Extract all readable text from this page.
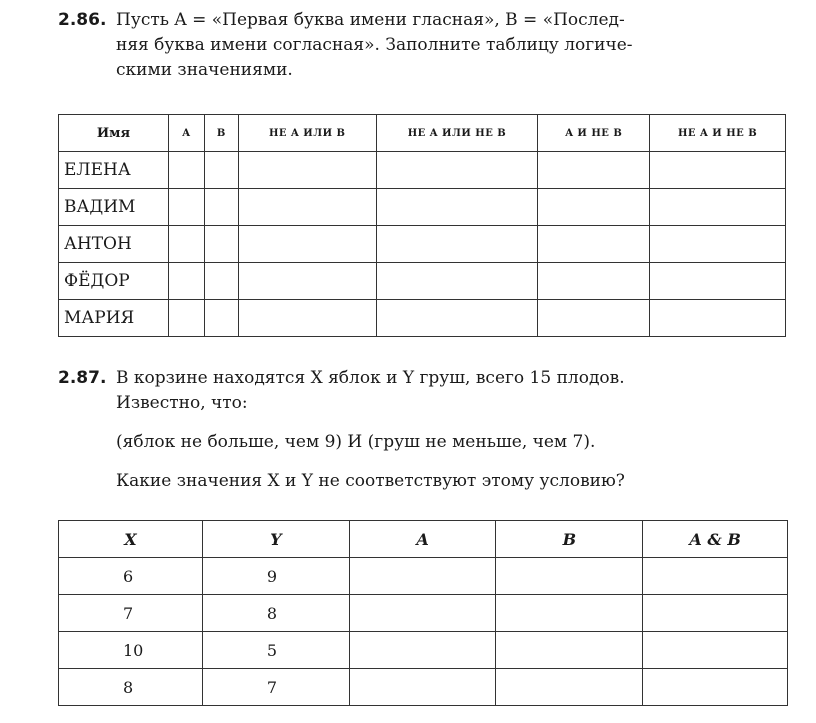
2.86. Пусть A = «Первая буква имени гласная», B = «Послед-
няя буква имени согласная». Заполните таблицу логиче-
скими значениями.
Имя	A	B	НЕ A ИЛИ B	НЕ A ИЛИ НЕ B	A И НЕ B	НЕ A И НЕ B
ЕЛЕНА						
ВАДИМ						
АНТОН						
ФЁДОР						
МАРИЯ						
2.87. В корзине находятся X яблок и Y груш, всего 15 плодов.
Известно, что:
(яблок не больше, чем 9) И (груш не меньше, чем 7).
Какие значения X и Y не соответствуют этому условию?
X	Y	A	B	A & B
6	9			
7	8			
10	5			
8	7			
